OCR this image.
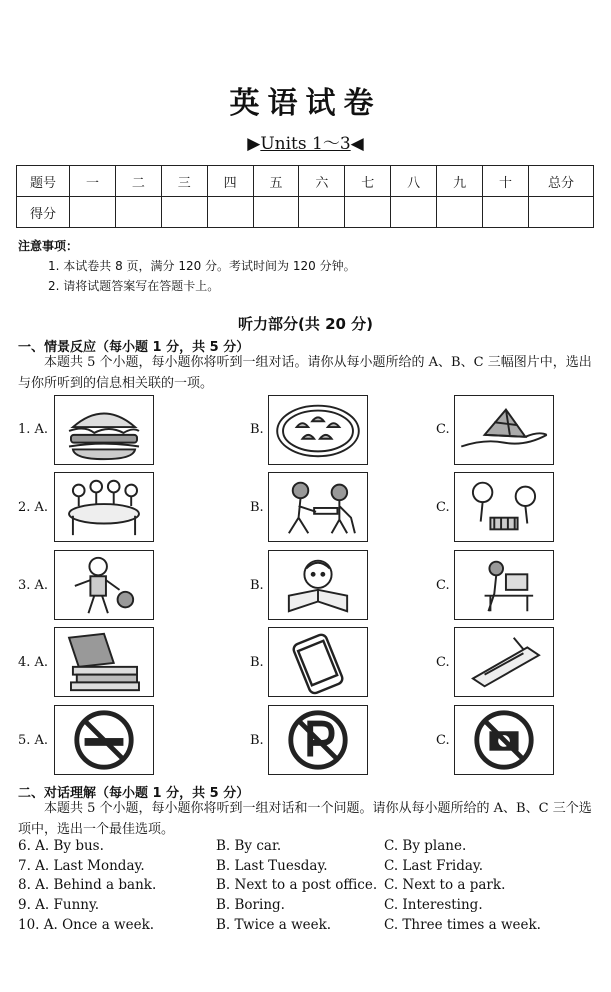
英语试卷
▶Units 1～3◀
题号	一	二	三	四	五	六	七	八	九	十	总分
得分											
注意事项：
1. 本试卷共 8 页，满分 120 分。考试时间为 120 分钟。
2. 请将试题答案写在答题卡上。
听力部分(共 20 分)
一、情景反应（每小题 1 分，共 5 分）
本题共 5 个小题，每小题你将听到一组对话。请你从每小题所给的 A、B、C 三幅图片中，选出与你所听到的信息相关联的一项。
1. A.	B.	C.
2. A.	B.	C.
3. A.	B.	C.
4. A.	B.	C.
5. A.	B.	C.
二、对话理解（每小题 1 分，共 5 分）
本题共 5 个小题，每小题你将听到一组对话和一个问题。请你从每小题所给的 A、B、C 三个选项中，选出一个最佳选项。
6. A. By bus.	B. By car.	C. By plane.
7. A. Last Monday.	B. Last Tuesday.	C. Last Friday.
8. A. Behind a bank.	B. Next to a post office. C. Next to a park.
9. A. Funny.	B. Boring.	C. Interesting.
10. A. Once a week.	B. Twice a week.	C. Three times a week.
